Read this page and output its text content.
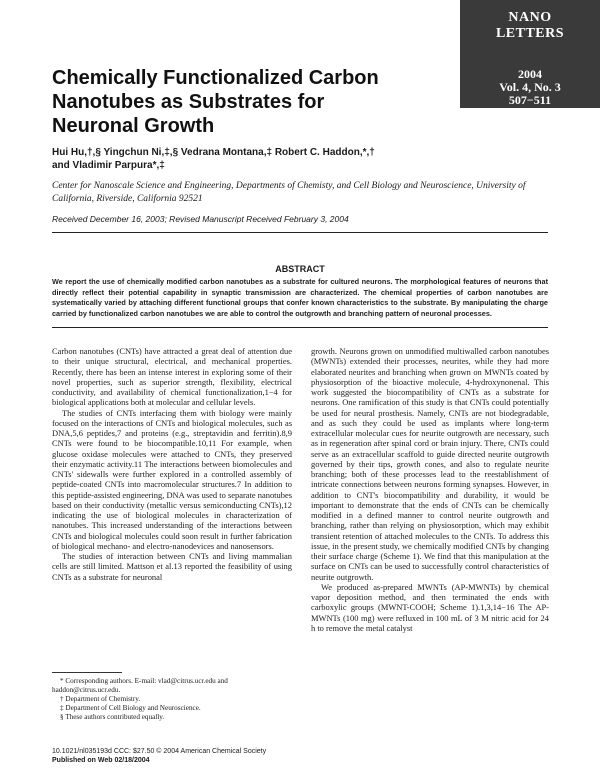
NANO
LETTERS
2004
Vol. 4, No. 3
507−511
Chemically Functionalized Carbon Nanotubes as Substrates for Neuronal Growth
Hui Hu,†,§ Yingchun Ni,‡,§ Vedrana Montana,‡ Robert C. Haddon,*,† and Vladimir Parpura*,‡
Center for Nanoscale Science and Engineering, Departments of Chemisty, and Cell Biology and Neuroscience, University of California, Riverside, California 92521
Received December 16, 2003; Revised Manuscript Received February 3, 2004
ABSTRACT
We report the use of chemically modified carbon nanotubes as a substrate for cultured neurons. The morphological features of neurons that directly reflect their potential capability in synaptic transmission are characterized. The chemical properties of carbon nanotubes are systematically varied by attaching different functional groups that confer known characteristics to the substrate. By manipulating the charge carried by functionalized carbon nanotubes we are able to control the outgrowth and branching pattern of neuronal processes.

Carbon nanotubes (CNTs) have attracted a great deal of attention due to their unique structural, electrical, and mechanical properties. Recently, there has been an intense interest in exploring some of their novel properties, such as superior strength, flexibility, electrical conductivity, and availability of chemical functionalization,1−4 for biological applications both at molecular and cellular levels.

The studies of CNTs interfacing them with biology were mainly focused on the interactions of CNTs and biological molecules, such as DNA,5,6 peptides,7 and proteins (e.g., streptavidin and ferritin).8,9 CNTs were found to be biocompatible.10,11 For example, when glucose oxidase molecules were attached to CNTs, they preserved their enzymatic activity.11 The interactions between biomolecules and CNTs' sidewalls were further explored in a controlled assembly of peptide-coated CNTs into macromolecular structures.7 In addition to this peptide-assisted engineering, DNA was used to separate nanotubes based on their conductivity (metallic versus semiconducting CNTs),12 indicating the use of biological molecules in characterization of nanotubes. This increased understanding of the interactions between CNTs and biological molecules could soon result in further fabrication of biological mechano- and electro-nanodevices and nanosensors.

The studies of interaction between CNTs and living mammalian cells are still limited. Mattson et al.13 reported the feasibility of using CNTs as a substrate for neuronal

growth. Neurons grown on unmodified multiwalled carbon nanotubes (MWNTs) extended their processes, neurites, while they had more elaborated neurites and branching when grown on MWNTs coated by physiosorption of the bioactive molecule, 4-hydroxynonenal. This work suggested the biocompatibility of CNTs as a substrate for neurons. One ramification of this study is that CNTs could potentially be used for neural prosthesis. Namely, CNTs are not biodegradable, and as such they could be used as implants where long-term extracellular molecular cues for neurite outgrowth are necessary, such as in regeneration after spinal cord or brain injury. There, CNTs could serve as an extracellular scaffold to guide directed neurite outgrowth governed by their tips, growth cones, and also to regulate neurite branching; both of these processes lead to the reestablishment of intricate connections between neurons forming synapses. However, in addition to CNT's biocompatibility and durability, it would be important to demonstrate that the ends of CNTs can be chemically modified in a defined manner to control neurite outgrowth and branching, rather than relying on physiosorption, which may exhibit transient retention of attached molecules to the CNTs. To address this issue, in the present study, we chemically modified CNTs by changing their surface charge (Scheme 1). We find that this manipulation at the surface on CNTs can be used to successfully control characteristics of neurite outgrowth.

We produced as-prepared MWNTs (AP-MWNTs) by chemical vapor deposition method, and then terminated the ends with carboxylic groups (MWNT-COOH; Scheme 1).1,3,14−16 The AP-MWNTs (100 mg) were refluxed in 100 mL of 3 M nitric acid for 24 h to remove the metal catalyst

* Corresponding authors. E-mail: vlad@citrus.ucr.edu and haddon@citrus.ucr.edu.
† Department of Chemistry.
‡ Department of Cell Biology and Neuroscience.
§ These authors contributed equally.
10.1021/nl035193d CCC: $27.50 © 2004 American Chemical Society
Published on Web 02/18/2004
